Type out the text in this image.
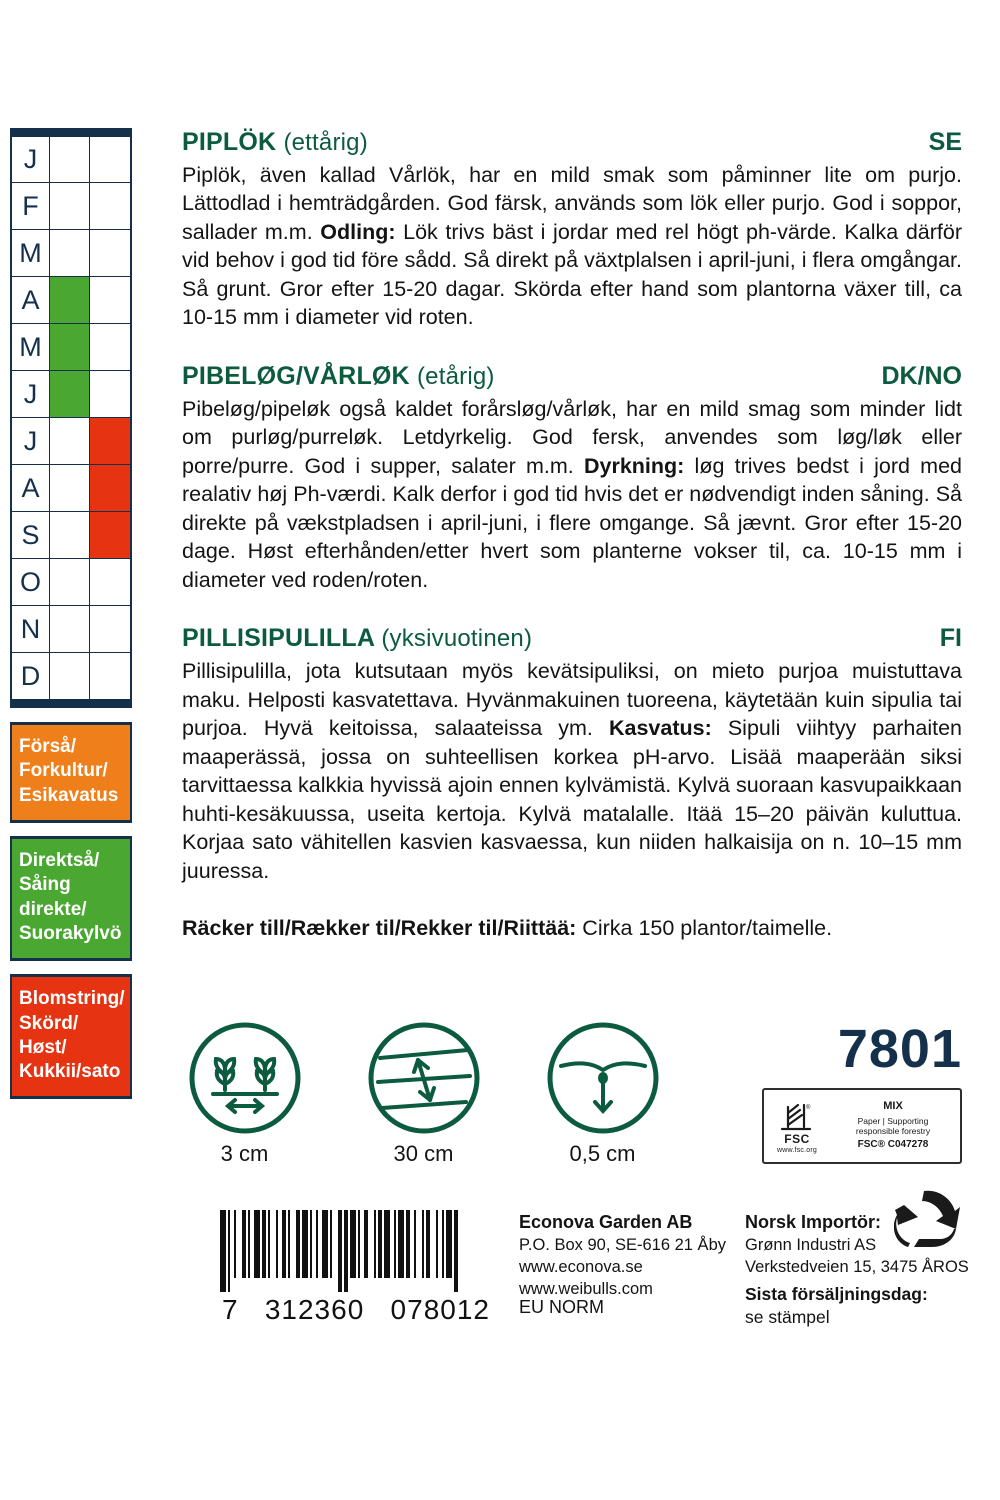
J
F
M
A
M
J
J
A
S
O
N
D
Förså/
Forkultur/
Esikavatus
Direktså/
Såing
direkte/
Suorakylvö
Blomstring/
Skörd/
Høst/
Kukkii/sato
PIPLÖK (ettårig)	SE
Piplök, även kallad Vårlök, har en mild smak som påminner lite om purjo. Lättodlad i hemträdgården. God färsk, används som lök eller purjo. God i soppor, sallader m.m. Odling: Lök trivs bäst i jordar med rel högt ph-värde. Kalka därför vid behov i god tid före sådd. Så direkt på växtplalsen i april-juni, i flera omgångar. Så grunt. Gror efter 15-20 dagar. Skörda efter hand som plantorna växer till, ca 10-15 mm i diameter vid roten.
PIBELØG/VÅRLØK (etårig)	DK/NO
Pibeløg/pipeløk også kaldet forårsløg/vårløk, har en mild smag som minder lidt om purløg/purreløk. Letdyrkelig. God fersk, anvendes som løg/løk eller porre/purre. God i supper, salater m.m. Dyrkning: løg trives bedst i jord med realativ høj Ph-værdi. Kalk derfor i god tid hvis det er nødvendigt inden såning. Så direkte på vækstpladsen i april-juni, i flere omgange. Så jævnt. Gror efter 15-20 dage. Høst efterhånden/etter hvert som planterne vokser til, ca. 10-15 mm i diameter ved roden/roten.
PILLISIPULILLA (yksivuotinen)	FI
Pillisipulilla, jota kutsutaan myös kevätsipuliksi, on mieto purjoa muistuttava maku. Helposti kasvatettava. Hyvänmakuinen tuoreena, käytetään kuin sipulia tai purjoa. Hyvä keitoissa, salaateissa ym. Kasvatus: Sipuli viihtyy parhaiten maaperässä, jossa on suhteellisen korkea pH-arvo. Lisää maaperään siksi tarvittaessa kalkkia hyvissä ajoin ennen kylvämistä. Kylvä suoraan kasvupaikkaan huhti-kesäkuussa, useita kertoja. Kylvä matalalle. Itää 15–20 päivän kuluttua. Korjaa sato vähitellen kasvien kasvaessa, kun niiden halkaisija on n. 10–15 mm juuressa.
Räcker till/Rækker til/Rekker til/Riittää: Cirka 150 plantor/taimelle.
3 cm	30 cm	0,5 cm
7801
®
FSC
www.fsc.org
MIX
Paper | Supporting
responsible forestry
FSC® C047278
7 312360 078012
Econova Garden AB
P.O. Box 90, SE-616 21 Åby
www.econova.se
www.weibulls.com
EU NORM
Norsk Importör:
Grønn Industri AS
Verkstedveien 15, 3475 ÅROS
Sista försäljningsdag:
se stämpel
